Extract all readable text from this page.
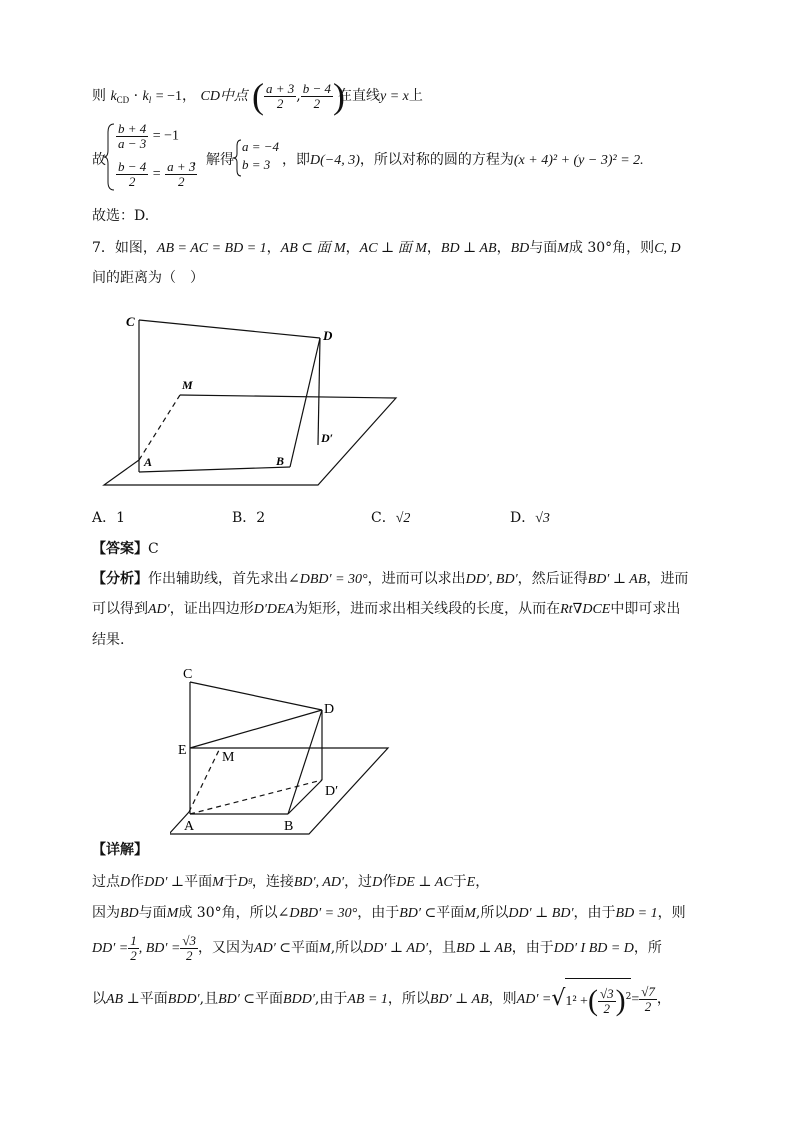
则 $k_{CD} \cdot k_l = -1$， CD中点 ( $\frac{a + 3}{2}$ , $\frac{b - 4}{2}$ )
在直线y = x上
故
$\frac{b + 4}{a - 3} = -1$
$\frac{b - 4}{2} = \frac{a + 3}{2}$
，解得
a = −4
b = 3 ，即D(−4, 3)，所以对称的圆的方程为(x + 4)² + (y − 3)² = 2.
故选：D.
7．如图，AB = AC = BD = 1，AB ⊂ 面 M，AC ⊥ 面 M，BD ⊥ AB，BD与面M成 30°角，则C, D
间的距离为（　）
C
D
M
A	B
D′
A．1	B．2	C．√2	D．√3
【答案】C
【分析】作出辅助线，首先求出∠DBD′ = 30°，进而可以求出DD′, BD′，然后证得BD′ ⊥ AB，进而
可以得到AD′，证出四边形D′DEA为矩形，进而求出相关线段的长度，从而在Rt∇DCE中即可求出
结果.
C
D
E	M
A	B
D′
【详解】
过点D作DD′ ⊥平面M于Dᵍ，连接BD′, AD′，过D作DE ⊥ AC于E，
因为BD与面M成 30°角，所以∠DBD′ = 30°，由于BD′ ⊂平面M,所以DD′ ⊥ BD′，由于BD = 1，则
$DD' = \frac{1}{2}$ , $BD' = \frac{√3}{2}$ ，又因为AD′ ⊂平面M,所以DD′ ⊥ AD′，且BD ⊥ AB，由于DD′ I BD = D，所
以AB ⊥平面BDD′,且BD′ ⊂平面BDD′,由于AB = 1，所以BD′ ⊥ AB，则AD′ =√1² +( $\frac{√3}{2} )^2= \frac{√7}{2}$ ，
